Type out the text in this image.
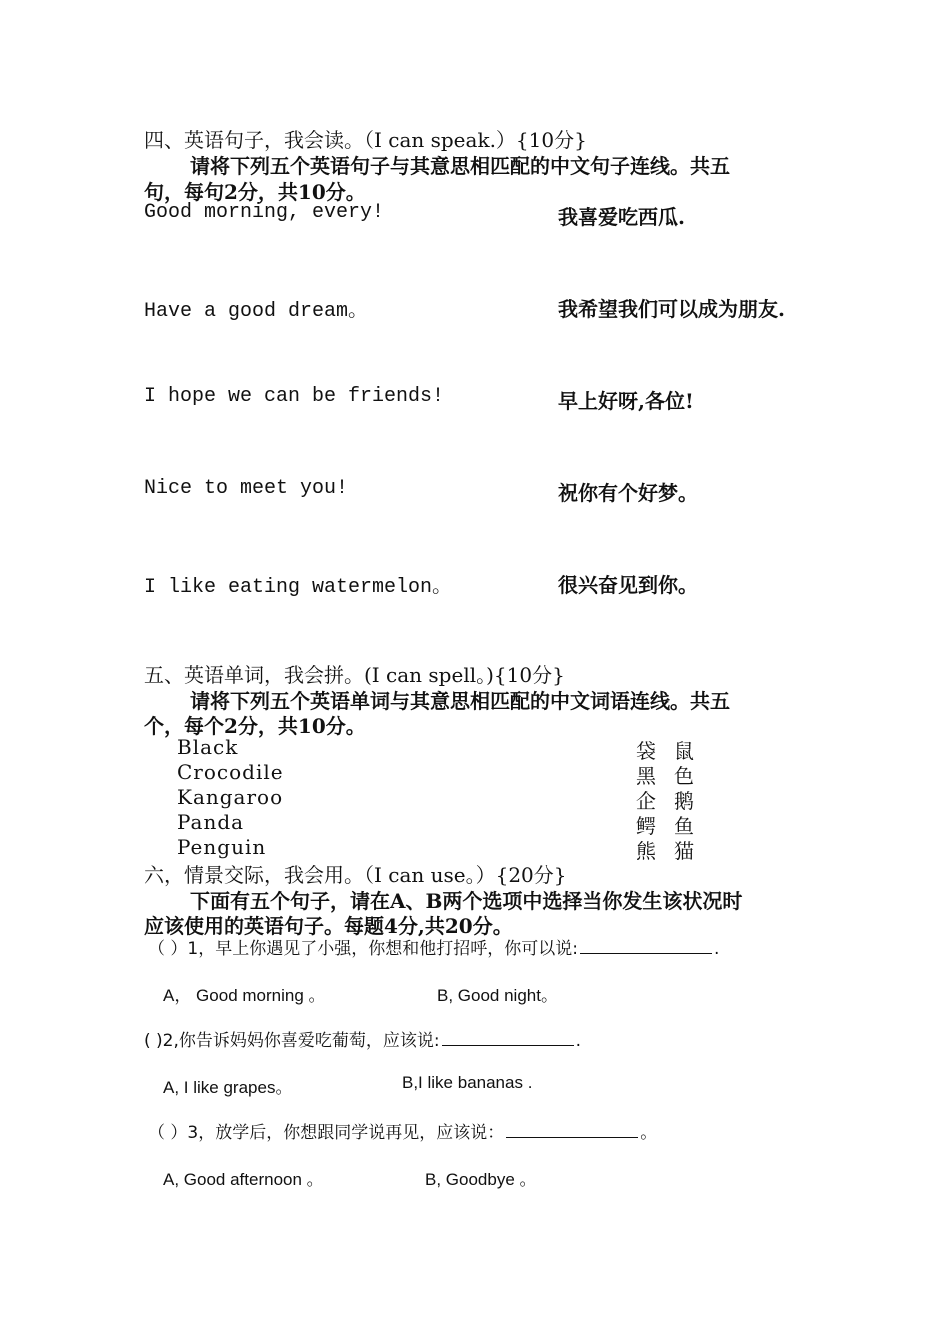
四、英语句子，我会读。（I can speak.）{10分}
请将下列五个英语句子与其意思相匹配的中文句子连线。共五
句，每句2分，共10分。
Good morning, every!	我喜爱吃西瓜.
Have a good dream。	我希望我们可以成为朋友.
I hope we can be friends!	早上好呀,各位!
Nice to meet you!	祝你有个好梦。
I like eating watermelon。	很兴奋见到你。
五、英语单词，我会拼。(I can spell。){10分}
请将下列五个英语单词与其意思相匹配的中文词语连线。共五
个，每个2分，共10分。
Black	袋鼠
Crocodile	黑色
Kangaroo	企鹅
Panda	鳄鱼
Penguin	熊猫
六，情景交际，我会用。（I can use。）{20分}
下面有五个句子，请在A、B两个选项中选择当你发生该状况时
应该使用的英语句子。每题4分,共20分。
（ ）1，早上你遇见了小强，你想和他打招呼，你可以说:	.
A， Good morning 。	B, Good night。
( )2,你告诉妈妈你喜爱吃葡萄，应该说:	.
A, I like grapes。	B,I like bananas .
（ ）3，放学后，你想跟同学说再见，应该说：	。
A, Good afternoon 。	B, Goodbye 。
